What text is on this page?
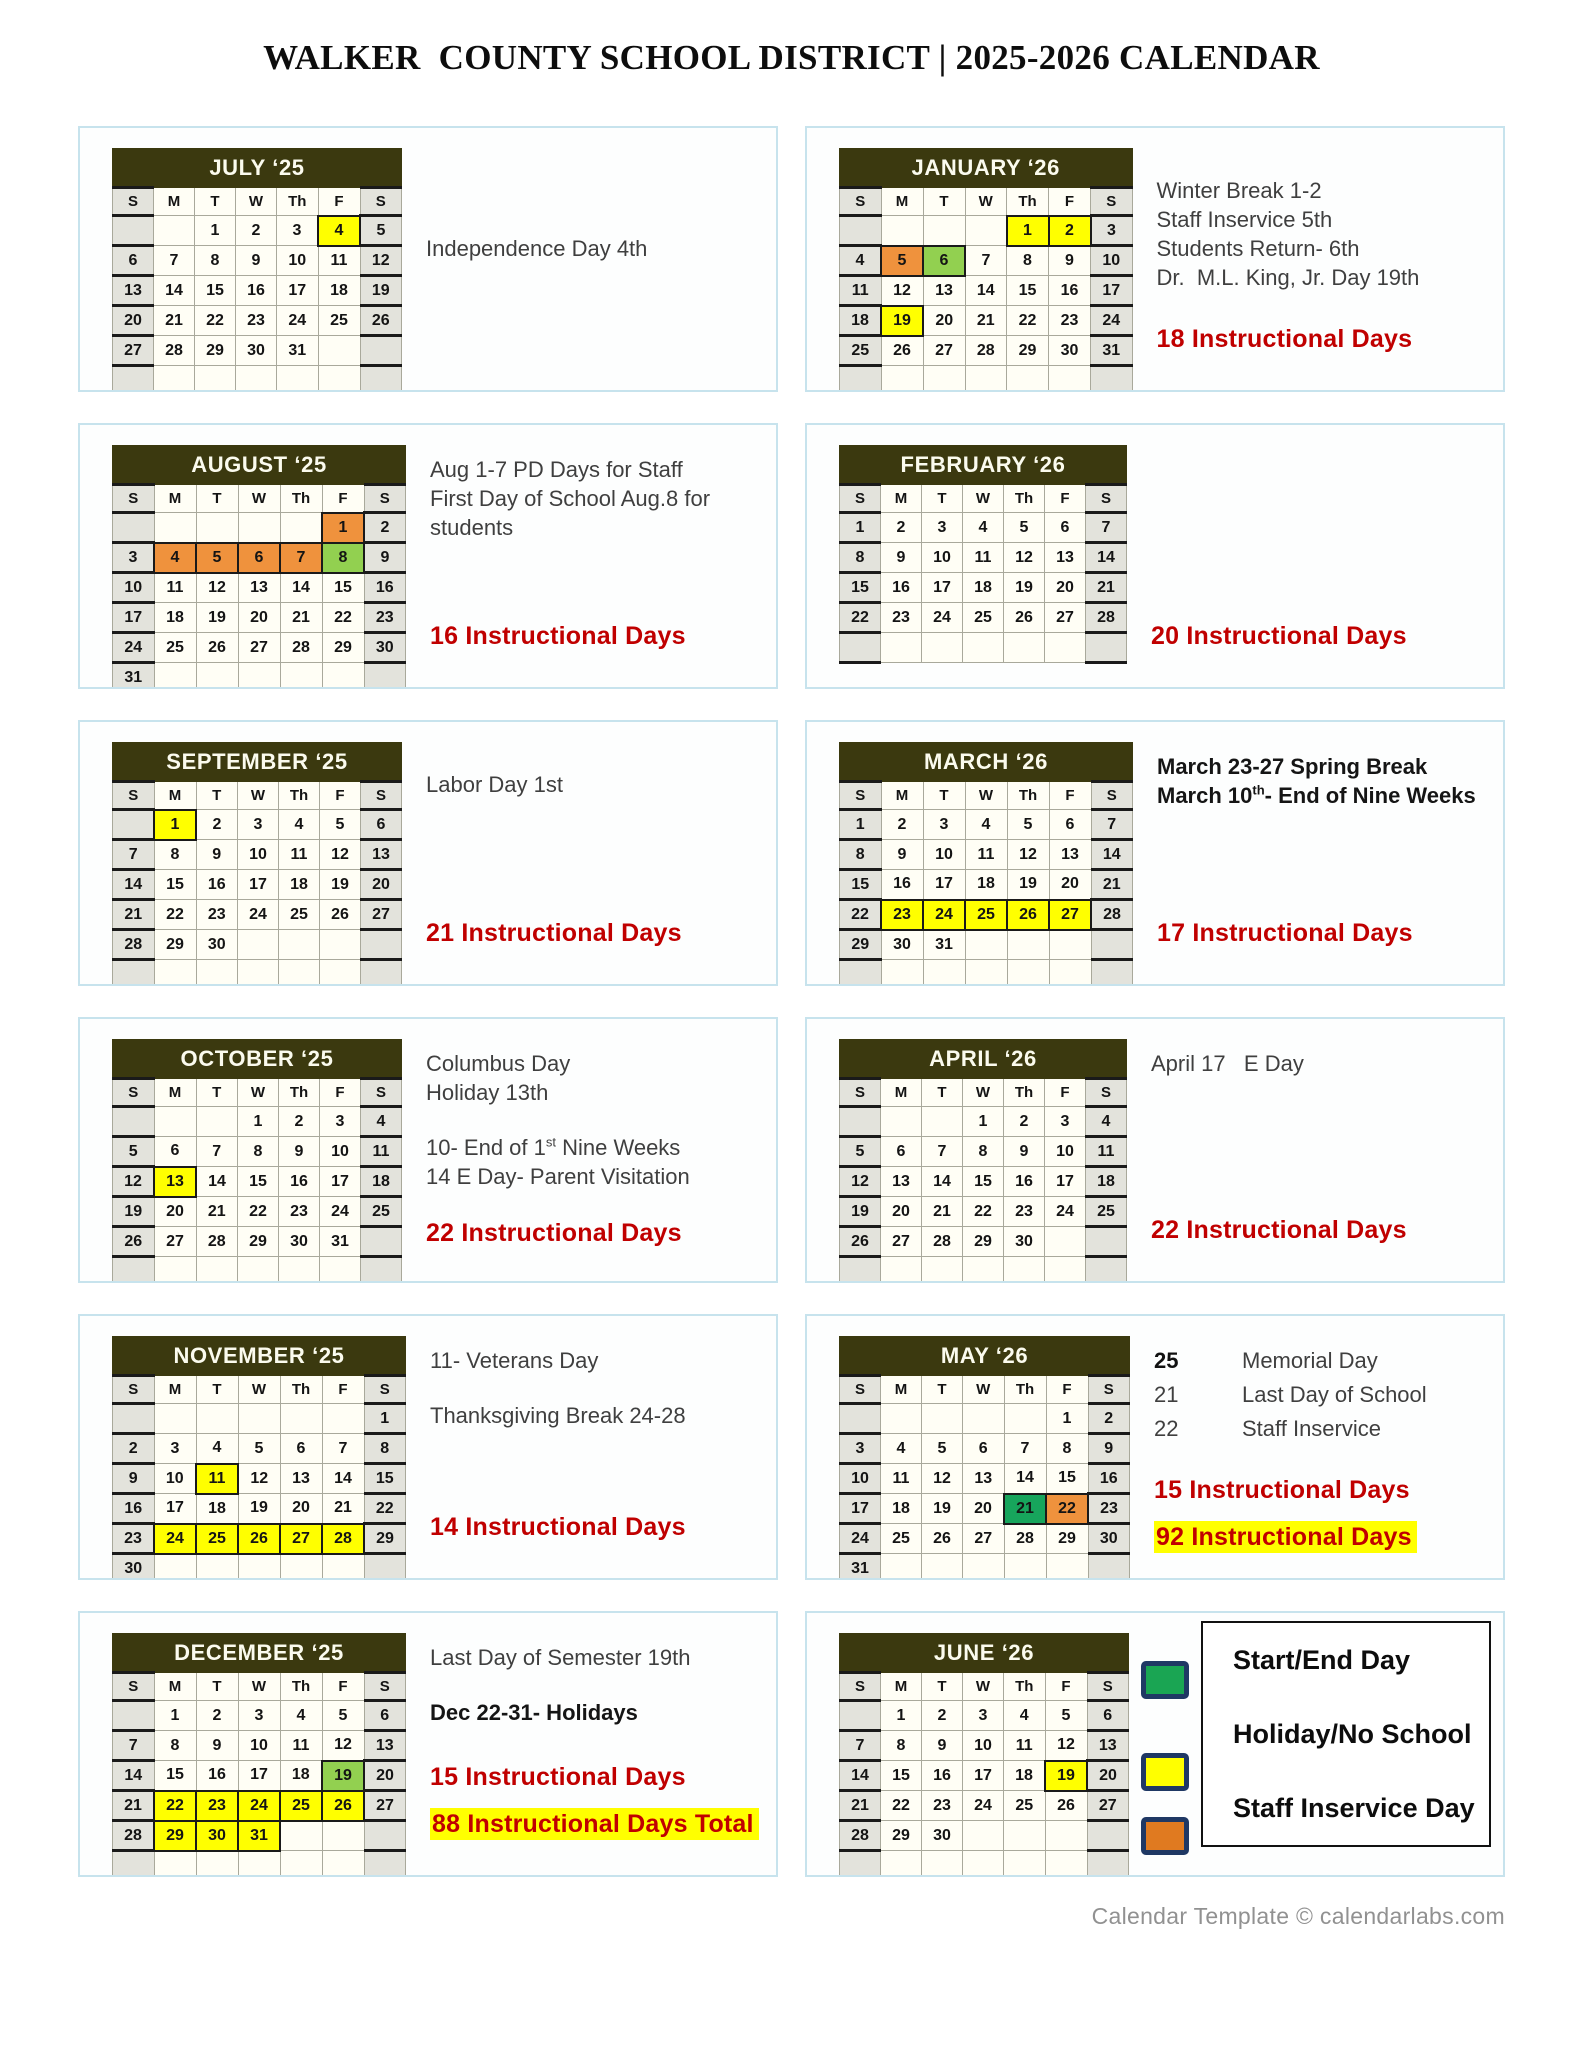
WALKER  COUNTY SCHOOL DISTRICT | 2025-2026 CALENDAR
JULY ‘25						
S	M	T	W	Th	F	S
		1	2	3	4	5
6	7	8	9	10	11	12
13	14	15	16	17	18	19
20	21	22	23	24	25	26
27	28	29	30	31		

Independence Day 4th
JANUARY ‘26						
S	M	T	W	Th	F	S
				1	2	3
4	5	6	7	8	9	10
11	12	13	14	15	16	17
18	19	20	21	22	23	24
25	26	27	28	29	30	31

Winter Break 1-2
Staff Inservice 5th
Students Return- 6th
Dr.  M.L. King, Jr. Day 19th
18 Instructional Days
AUGUST ‘25						
S	M	T	W	Th	F	S
					1	2
3	4	5	6	7	8	9
10	11	12	13	14	15	16
17	18	19	20	21	22	23
24	25	26	27	28	29	30
31						
Aug 1-7 PD Days for Staff
First Day of School Aug.8 for
students
16 Instructional Days
FEBRUARY ‘26						
S	M	T	W	Th	F	S
1	2	3	4	5	6	7
8	9	10	11	12	13	14
15	16	17	18	19	20	21
22	23	24	25	26	27	28

20 Instructional Days
SEPTEMBER ‘25						
S	M	T	W	Th	F	S
	1	2	3	4	5	6
7	8	9	10	11	12	13
14	15	16	17	18	19	20
21	22	23	24	25	26	27
28	29	30				

Labor Day 1st
21 Instructional Days
MARCH ‘26						
S	M	T	W	Th	F	S
1	2	3	4	5	6	7
8	9	10	11	12	13	14
15	16	17	18	19	20	21
22	23	24	25	26	27	28
29	30	31				

March 23-27 Spring Break
March 10th- End of Nine Weeks
17 Instructional Days
OCTOBER ‘25						
S	M	T	W	Th	F	S
			1	2	3	4
5	6	7	8	9	10	11
12	13	14	15	16	17	18
19	20	21	22	23	24	25
26	27	28	29	30	31	

Columbus Day
Holiday 13th
10- End of 1st Nine Weeks
14 E Day- Parent Visitation
22 Instructional Days
APRIL ‘26						
S	M	T	W	Th	F	S
			1	2	3	4
5	6	7	8	9	10	11
12	13	14	15	16	17	18
19	20	21	22	23	24	25
26	27	28	29	30		

April 17   E Day
22 Instructional Days
NOVEMBER ‘25						
S	M	T	W	Th	F	S
						1
2	3	4	5	6	7	8
9	10	11	12	13	14	15
16	17	18	19	20	21	22
23	24	25	26	27	28	29
30						
11- Veterans Day
Thanksgiving Break 24-28
14 Instructional Days
MAY ‘26						
S	M	T	W	Th	F	S
					1	2
3	4	5	6	7	8	9
10	11	12	13	14	15	16
17	18	19	20	21	22	23
24	25	26	27	28	29	30
31						
25	Memorial Day
21	Last Day of School
22	Staff Inservice
15 Instructional Days
92 Instructional Days
DECEMBER ‘25						
S	M	T	W	Th	F	S
	1	2	3	4	5	6
7	8	9	10	11	12	13
14	15	16	17	18	19	20
21	22	23	24	25	26	27
28	29	30	31			

Last Day of Semester 19th
Dec 22-31- Holidays
15 Instructional Days
88 Instructional Days Total
JUNE ‘26						
S	M	T	W	Th	F	S
	1	2	3	4	5	6
7	8	9	10	11	12	13
14	15	16	17	18	19	20
21	22	23	24	25	26	27
28	29	30				

Start/End Day
Holiday/No School
Staff Inservice Day
Calendar Template © calendarlabs.com
